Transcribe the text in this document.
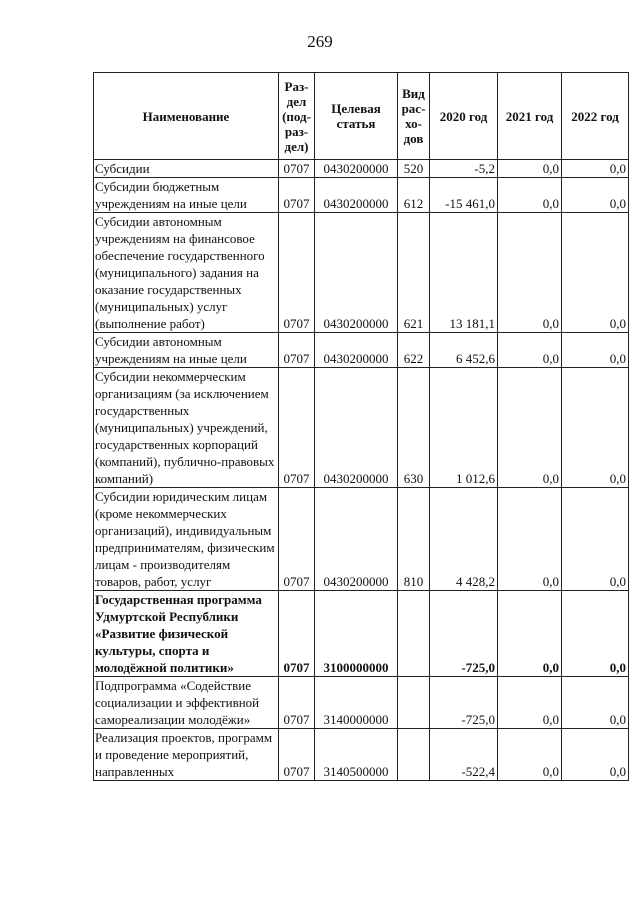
269
Наименование	Раз-дел (под-раз-дел)	Целевая статья	Вид рас-хо-дов	2020 год	2021 год	2022 год
Субсидии	0707	0430200000	520	-5,2	0,0	0,0
Субсидии бюджетным учреждениям на иные цели	0707	0430200000	612	-15 461,0	0,0	0,0
Субсидии автономным учреждениям на финансовое обеспечение государственного (муниципального) задания на оказание государственных (муниципальных) услуг (выполнение работ)	0707	0430200000	621	13 181,1	0,0	0,0
Субсидии автономным учреждениям на иные цели	0707	0430200000	622	6 452,6	0,0	0,0
Субсидии некоммерческим организациям (за исключением государственных (муниципальных) учреждений, государственных корпораций (компаний), публично-правовых компаний)	0707	0430200000	630	1 012,6	0,0	0,0
Субсидии юридическим лицам (кроме некоммерческих организаций), индивидуальным предпринимателям, физическим лицам - производителям товаров, работ, услуг	0707	0430200000	810	4 428,2	0,0	0,0
Государственная программа Удмуртской Республики «Развитие физической культуры, спорта и молодёжной политики»	0707	3100000000		-725,0	0,0	0,0
Подпрограмма «Содействие социализации и эффективной самореализации молодёжи»	0707	3140000000		-725,0	0,0	0,0
Реализация проектов, программ и проведение мероприятий, направленных	0707	3140500000		-522,4	0,0	0,0
